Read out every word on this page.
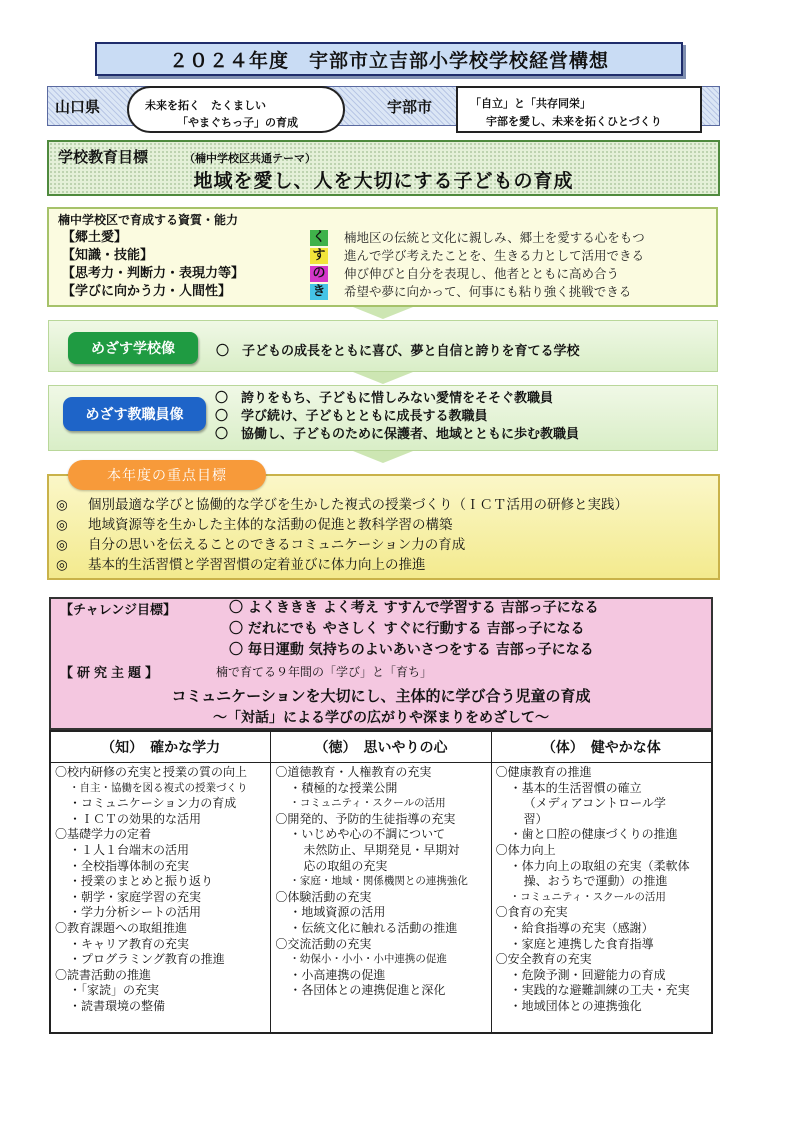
２０２４年度　宇部市立吉部小学校学校経営構想
山口県	未来を拓く　たくましい
「やまぐちっ子」の育成
宇部市	「自立」と「共存同栄」
宇部を愛し、未来を拓くひとづくり
学校教育目標	（楠中学校区共通テーマ）
地域を愛し、人を大切にする子どもの育成
楠中学校区で育成する資質・能力
【郷土愛】	く 楠地区の伝統と文化に親しみ、郷土を愛する心をもつ
【知識・技能】	す 進んで学び考えたことを、生きる力として活用できる
【思考力・判断力・表現力等】	の 伸び伸びと自分を表現し、他者とともに高め合う
【学びに向かう力・人間性】	き 希望や夢に向かって、何事にも粘り強く挑戦できる
めざす学校像	〇　子どもの成長をともに喜び、夢と自信と誇りを育てる学校
めざす教職員像
〇　誇りをもち、子どもに惜しみない愛情をそそぐ教職員
〇　学び続け、子どもとともに成長する教職員
〇　協働し、子どものために保護者、地域とともに歩む教職員
本年度の重点目標
◎ 個別最適な学びと協働的な学びを生かした複式の授業づくり（ＩＣＴ活用の研修と実践）
◎ 地域資源等を生かした主体的な活動の促進と教科学習の構築
◎ 自分の思いを伝えることのできるコミュニケーション力の育成
◎ 基本的生活習慣と学習習慣の定着並びに体力向上の推進
【チャレンジ目標】	〇 よくききき よく考え すすんで学習する 吉部っ子になる
〇 だれにでも やさしく すぐに行動する 吉部っ子になる
〇 毎日運動 気持ちのよいあいさつをする 吉部っ子になる
【研究主題】	楠で育てる９年間の「学び」と「育ち」
コミュニケーションを大切にし、主体的に学び合う児童の育成
～「対話」による学びの広がりや深まりをめざして～
（知）　確かな学力
〇校内研修の充実と授業の質の向上
・自主・協働を図る複式の授業づくり
・コミュニケーション力の育成
・ＩＣＴの効果的な活用
〇基礎学力の定着
・１人１台端末の活用
・全校指導体制の充実
・授業のまとめと振り返り
・朝学・家庭学習の充実
・学力分析シートの活用
〇教育課題への取組推進
・キャリア教育の充実
・プログラミング教育の推進
〇読書活動の推進
・「家読」の充実
・読書環境の整備
（徳）　思いやりの心
〇道徳教育・人権教育の充実
・積極的な授業公開
・コミュニティ・スクールの活用
〇開発的、予防的生徒指導の充実
・いじめや心の不調について
未然防止、早期発見・早期対
応の取組の充実
・家庭・地域・関係機関との連携強化
〇体験活動の充実
・地域資源の活用
・伝統文化に触れる活動の推進
〇交流活動の充実
・幼保小・小小・小中連携の促進
・小高連携の促進
・各団体との連携促進と深化
（体）　健やかな体
〇健康教育の推進
・基本的生活習慣の確立
（メディアコントロール学
習）
・歯と口腔の健康づくりの推進
〇体力向上
・体力向上の取組の充実（柔軟体
操、おうちで運動）の推進
・コミュニティ・スクールの活用
〇食育の充実
・給食指導の充実（感謝）
・家庭と連携した食育指導
〇安全教育の充実
・危険予測・回避能力の育成
・実践的な避難訓練の工夫・充実
・地域団体との連携強化
